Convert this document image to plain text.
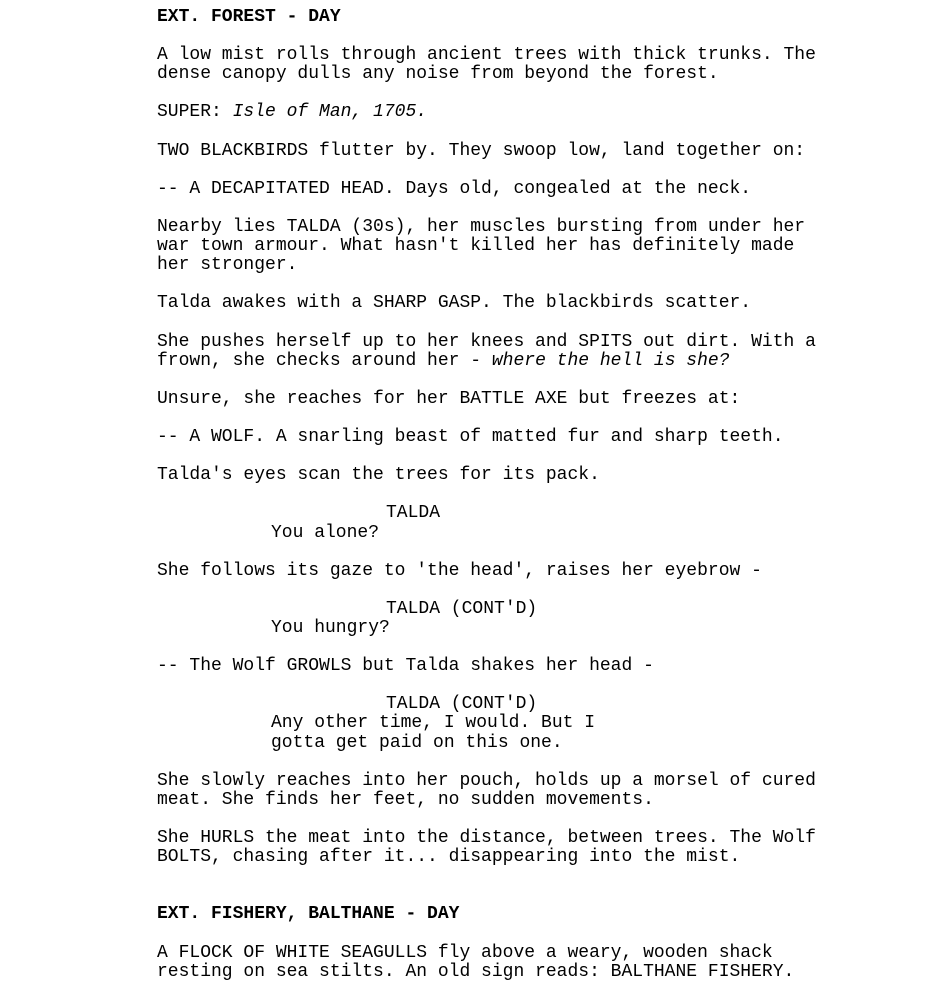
EXT. FOREST - DAY
A low mist rolls through ancient trees with thick trunks. The
dense canopy dulls any noise from beyond the forest.
SUPER: Isle of Man, 1705.
TWO BLACKBIRDS flutter by. They swoop low, land together on:
-- A DECAPITATED HEAD. Days old, congealed at the neck.
Nearby lies TALDA (30s), her muscles bursting from under her
war town armour. What hasn't killed her has definitely made
her stronger.
Talda awakes with a SHARP GASP. The blackbirds scatter.
She pushes herself up to her knees and SPITS out dirt. With a
frown, she checks around her - where the hell is she?
Unsure, she reaches for her BATTLE AXE but freezes at:
-- A WOLF. A snarling beast of matted fur and sharp teeth.
Talda's eyes scan the trees for its pack.
TALDA
You alone?
She follows its gaze to 'the head', raises her eyebrow -
TALDA (CONT'D)
You hungry?
-- The Wolf GROWLS but Talda shakes her head -
TALDA (CONT'D)
Any other time, I would. But I
gotta get paid on this one.
She slowly reaches into her pouch, holds up a morsel of cured
meat. She finds her feet, no sudden movements.
She HURLS the meat into the distance, between trees. The Wolf
BOLTS, chasing after it... disappearing into the mist.
EXT. FISHERY, BALTHANE - DAY
A FLOCK OF WHITE SEAGULLS fly above a weary, wooden shack
resting on sea stilts. An old sign reads: BALTHANE FISHERY.
